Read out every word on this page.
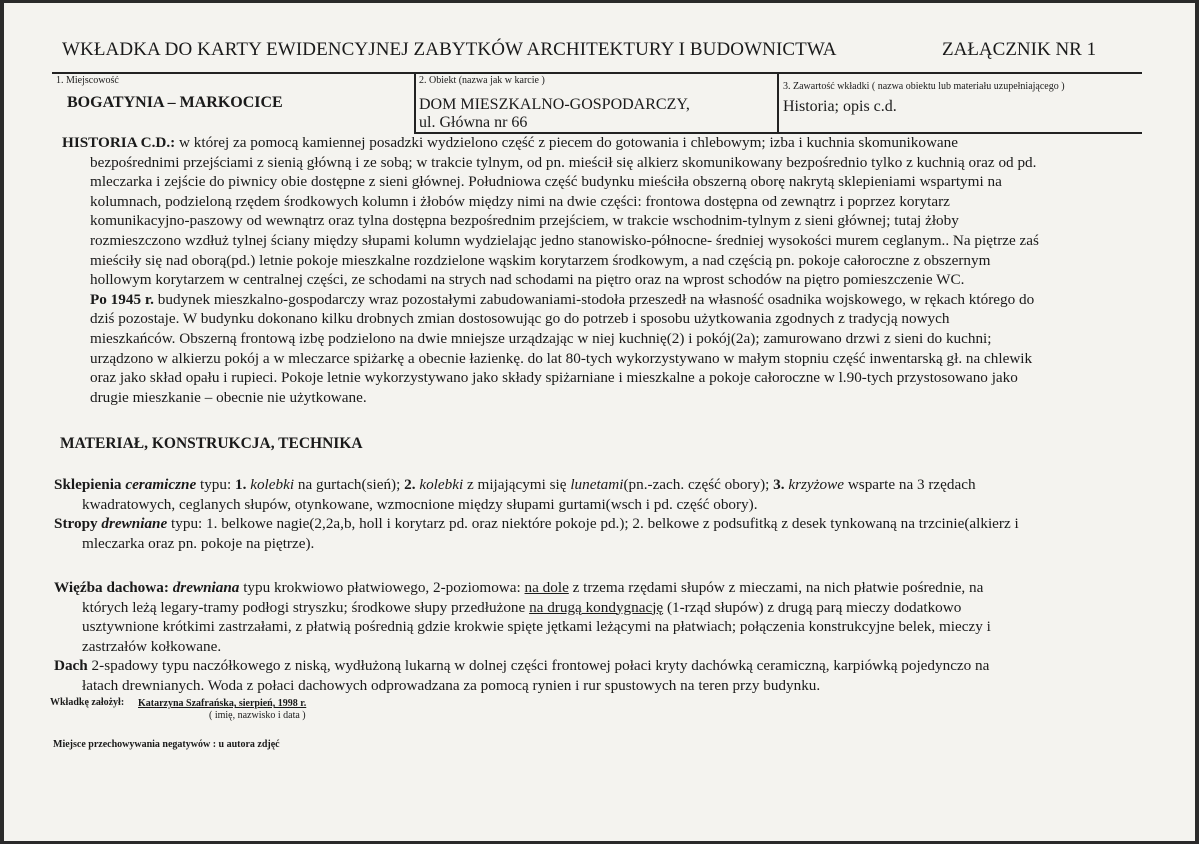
WKŁADKA DO KARTY EWIDENCYJNEJ ZABYTKÓW ARCHITEKTURY I BUDOWNICTWA	ZAŁĄCZNIK NR 1
1. Miejscowość
BOGATYNIA – MARKOCICE
2. Obiekt (nazwa jak w karcie )
DOM MIESZKALNO-GOSPODARCZY,
ul. Główna nr 66
3. Zawartość wkładki ( nazwa obiektu lub materiału uzupełniającego )
Historia; opis c.d.
HISTORIA C.D.: w której za pomocą kamiennej posadzki wydzielono część z piecem do gotowania i chlebowym; izba i kuchnia skomunikowane
bezpośrednimi przejściami z sienią główną i ze sobą; w trakcie tylnym, od pn. mieścił się alkierz skomunikowany bezpośrednio tylko z kuchnią oraz od pd.
mleczarka i zejście do piwnicy obie dostępne z sieni głównej. Południowa część budynku mieściła obszerną oborę nakrytą sklepieniami wspartymi na
kolumnach, podzieloną rzędem środkowych kolumn i żłobów między nimi na dwie części: frontowa dostępna od zewnątrz i poprzez korytarz
komunikacyjno-paszowy od wewnątrz oraz tylna dostępna bezpośrednim przejściem, w trakcie wschodnim-tylnym z sieni głównej; tutaj żłoby
rozmieszczono wzdłuż tylnej ściany między słupami kolumn wydzielając jedno stanowisko-północne- średniej wysokości murem ceglanym.. Na piętrze zaś
mieściły się nad oborą(pd.) letnie pokoje mieszkalne rozdzielone wąskim korytarzem środkowym, a nad częścią pn. pokoje całoroczne z obszernym
hollowym korytarzem w centralnej części, ze schodami na strych nad schodami na piętro oraz na wprost schodów na piętro pomieszczenie WC.
Po 1945 r. budynek mieszkalno-gospodarczy wraz pozostałymi zabudowaniami-stodoła przeszedł na własność osadnika wojskowego, w rękach którego do
dziś pozostaje. W budynku dokonano kilku drobnych zmian dostosowując go do potrzeb i sposobu użytkowania zgodnych z tradycją nowych
mieszkańców. Obszerną frontową izbę podzielono na dwie mniejsze urządzając w niej kuchnię(2) i pokój(2a); zamurowano drzwi z sieni do kuchni;
urządzono w alkierzu pokój a w mleczarce spiżarkę a obecnie łazienkę. do lat 80-tych wykorzystywano w małym stopniu część inwentarską gł. na chlewik
oraz jako skład opału i rupieci. Pokoje letnie wykorzystywano jako składy spiżarniane i mieszkalne a pokoje całoroczne w l.90-tych przystosowano jako
drugie mieszkanie – obecnie nie użytkowane.
MATERIAŁ, KONSTRUKCJA, TECHNIKA
Sklepienia ceramiczne typu: 1. kolebki na gurtach(sień); 2. kolebki z mijającymi się lunetami(pn.-zach. część obory); 3. krzyżowe wsparte na 3 rzędach
kwadratowych, ceglanych słupów, otynkowane, wzmocnione między słupami gurtami(wsch i pd. część obory).
Stropy drewniane typu: 1. belkowe nagie(2,2a,b, holl i korytarz pd. oraz niektóre pokoje pd.); 2. belkowe z podsufitką z desek tynkowaną na trzcinie(alkierz i
mleczarka oraz pn. pokoje na piętrze).
Więźba dachowa: drewniana typu krokwiowo płatwiowego, 2-poziomowa: na dole z trzema rzędami słupów z mieczami, na nich płatwie pośrednie, na
których leżą legary-tramy podłogi stryszku; środkowe słupy przedłużone na drugą kondygnację (1-rząd słupów) z drugą parą mieczy dodatkowo
usztywnione krótkimi zastrzałami, z płatwią pośrednią gdzie krokwie spięte jętkami leżącymi na płatwiach; połączenia konstrukcyjne belek, mieczy i
zastrzałów kołkowane.
Dach 2-spadowy typu naczółkowego z niską, wydłużoną lukarną w dolnej części frontowej połaci kryty dachówką ceramiczną, karpiówką pojedynczo na
łatach drewnianych. Woda z połaci dachowych odprowadzana za pomocą rynien i rur spustowych na teren przy budynku.
Wkładkę założył: Katarzyna Szafrańska, sierpień, 1998 r.
( imię, nazwisko i data )
Miejsce przechowywania negatywów : u autora zdjęć
